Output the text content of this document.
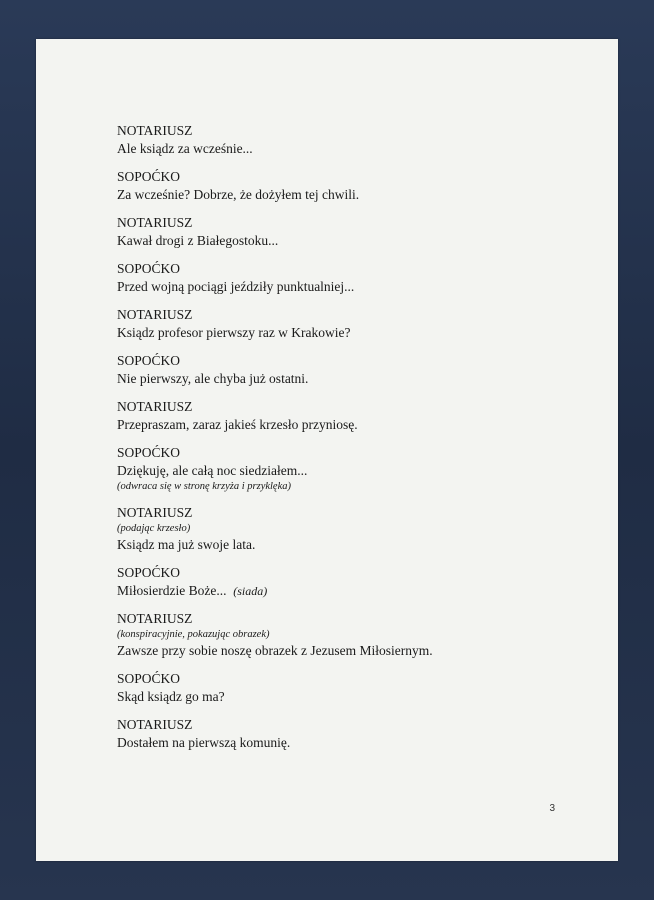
NOTARIUSZ
Ale ksiądz za wcześnie...
SOPOĆKO
Za wcześnie? Dobrze, że dożyłem tej chwili.
NOTARIUSZ
Kawał drogi z Białegostoku...
SOPOĆKO
Przed wojną pociągi jeździły punktualniej...
NOTARIUSZ
Ksiądz profesor pierwszy raz w Krakowie?
SOPOĆKO
Nie pierwszy, ale chyba już ostatni.
NOTARIUSZ
Przepraszam, zaraz jakieś krzesło przyniosę.
SOPOĆKO
Dziękuję, ale całą noc siedziałem...
(odwraca się w stronę krzyża i przyklęka)
NOTARIUSZ
(podając krzesło)
Ksiądz ma już swoje lata.
SOPOĆKO
Miłosierdzie Boże... (siada)
NOTARIUSZ
(konspiracyjnie, pokazując obrazek)
Zawsze przy sobie noszę obrazek z Jezusem Miłosiernym.
SOPOĆKO
Skąd ksiądz go ma?
NOTARIUSZ
Dostałem na pierwszą komunię.
3
